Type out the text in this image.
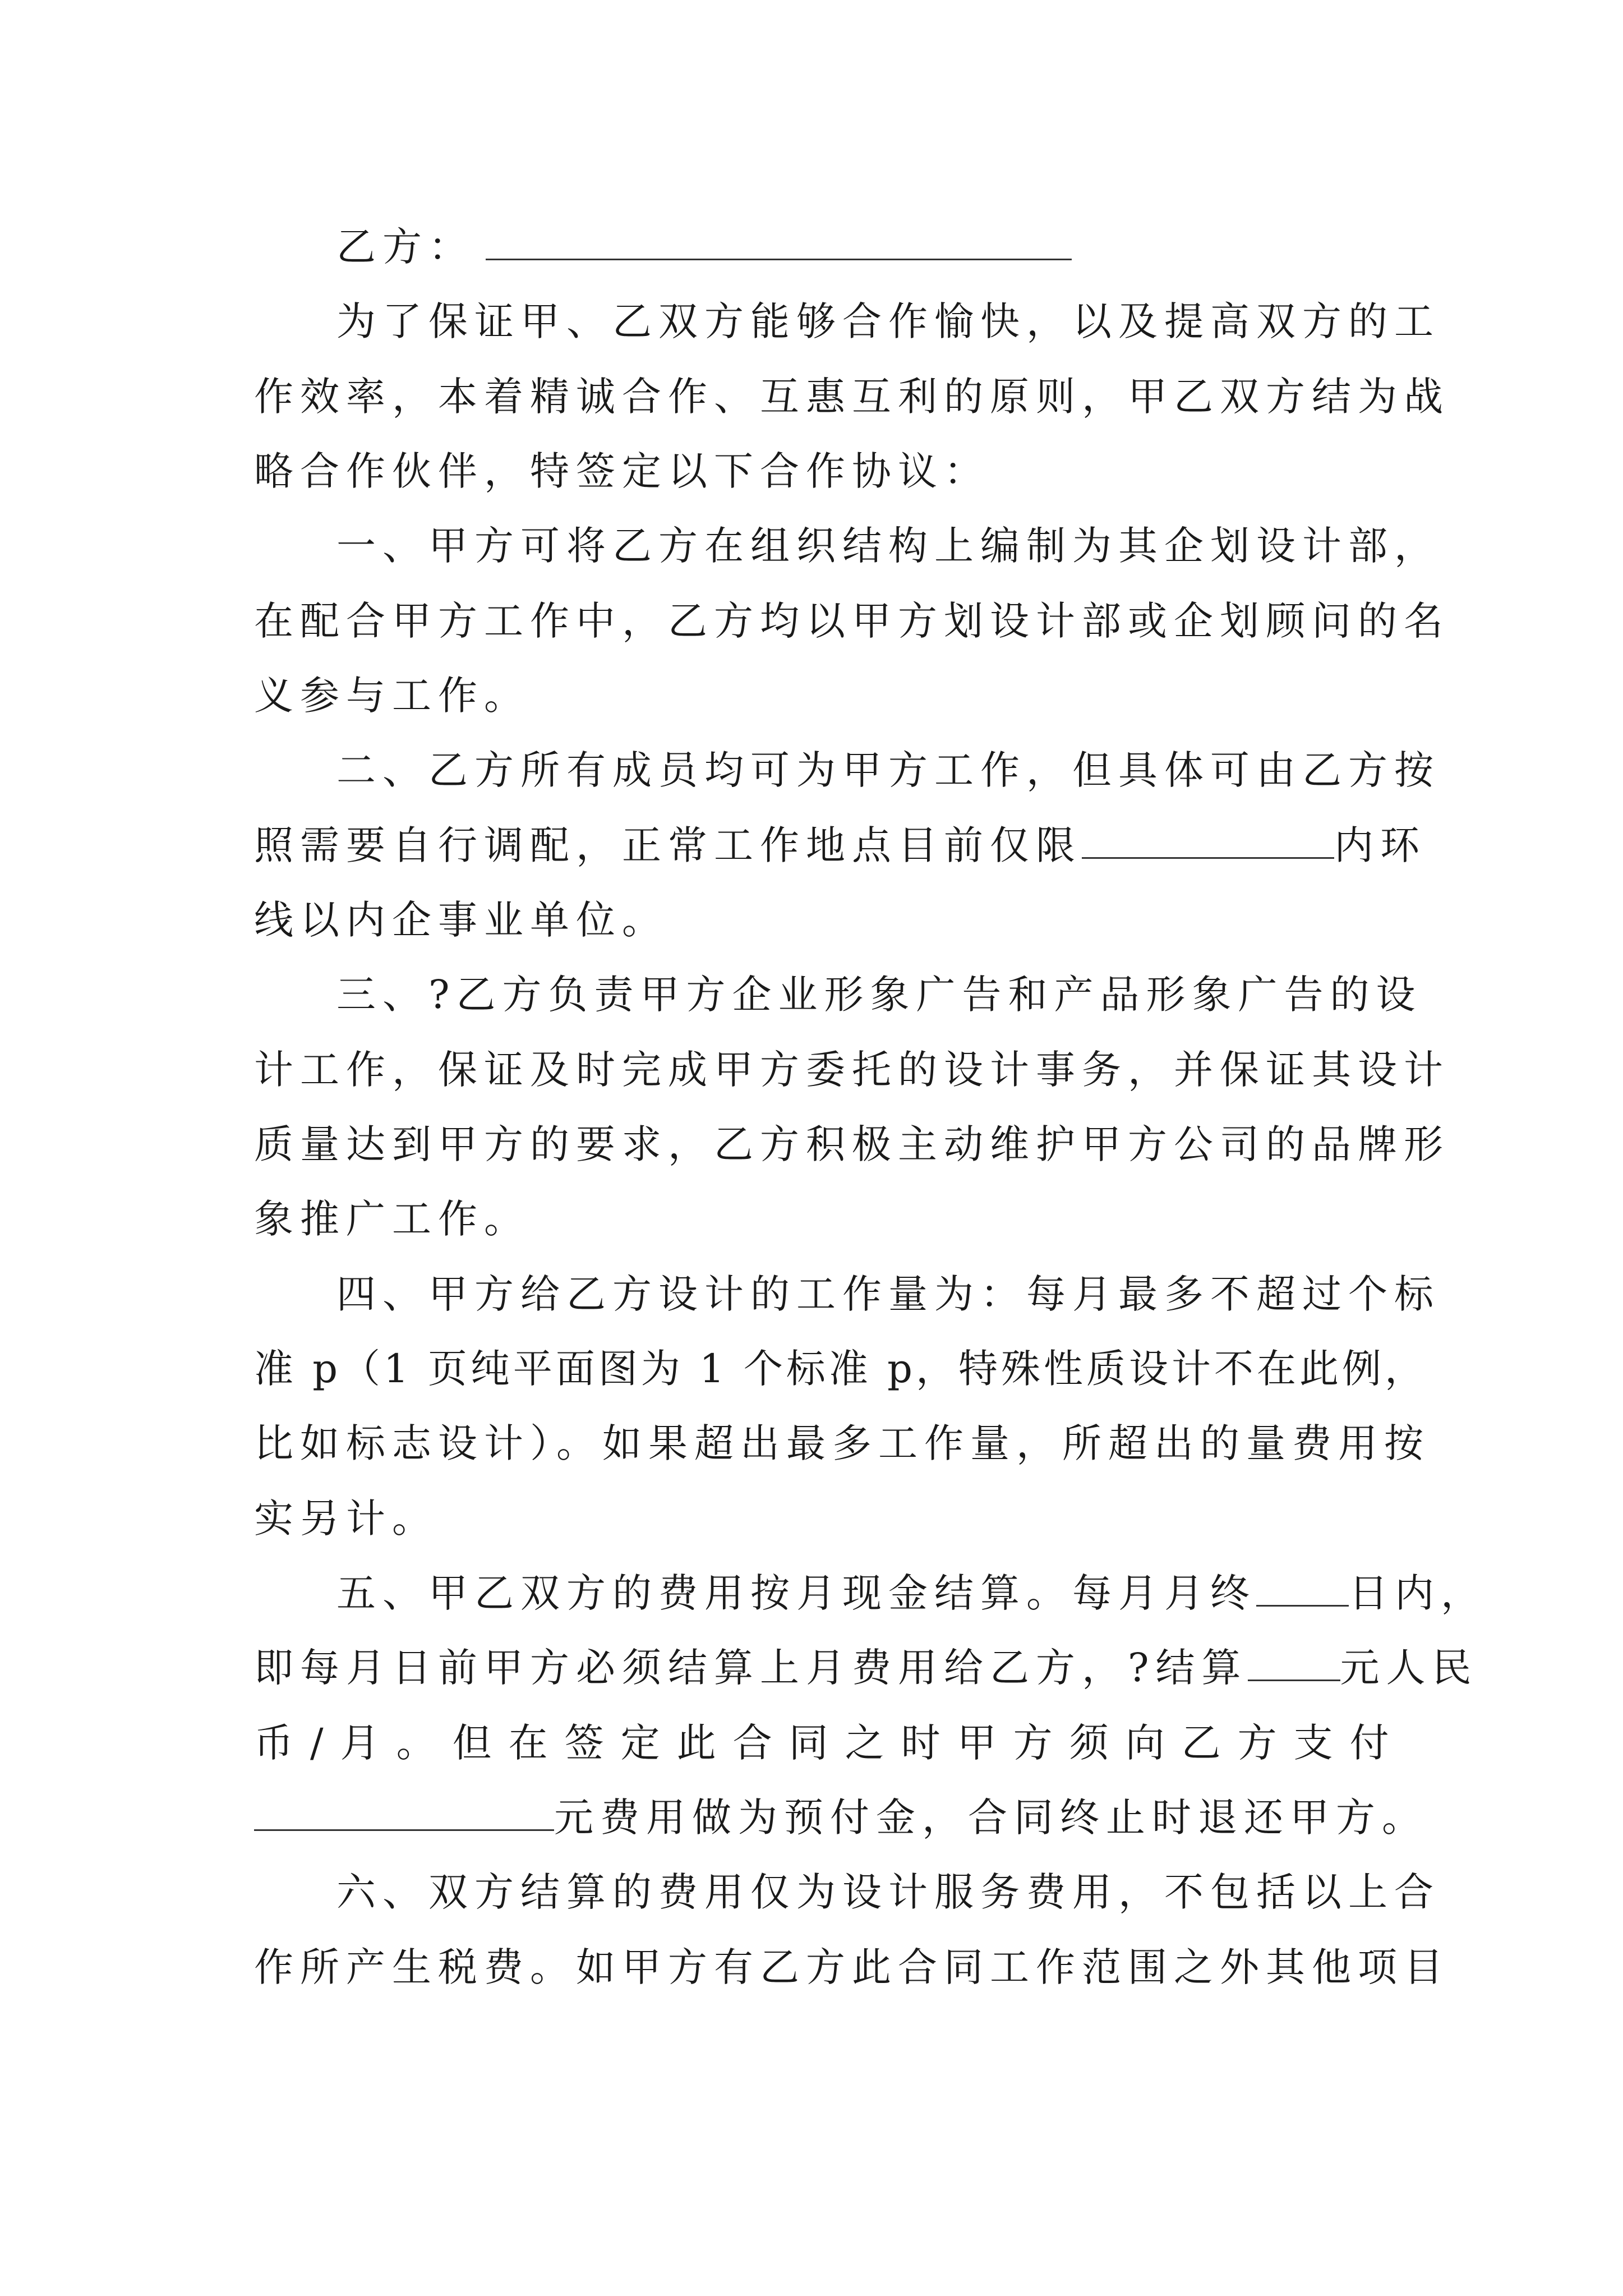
乙方：
为了保证甲、乙双方能够合作愉快，以及提高双方的工
作效率，本着精诚合作、互惠互利的原则，甲乙双方结为战
略合作伙伴，特签定以下合作协议：
一、甲方可将乙方在组织结构上编制为其企划设计部，
在配合甲方工作中，乙方均以甲方划设计部或企划顾问的名
义参与工作。
二、乙方所有成员均可为甲方工作，但具体可由乙方按
照需要自行调配，正常工作地点目前仅限	内环
线以内企事业单位。
三、?乙方负责甲方企业形象广告和产品形象广告的设
计工作，保证及时完成甲方委托的设计事务，并保证其设计
质量达到甲方的要求，乙方积极主动维护甲方公司的品牌形
象推广工作。
四、甲方给乙方设计的工作量为：每月最多不超过个标
准 p（1 页纯平面图为 1 个标准 p，特殊性质设计不在此例，
比如标志设计）。如果超出最多工作量，所超出的量费用按
实另计。
五、甲乙双方的费用按月现金结算。每月月终 日内，
即每月日前甲方必须结算上月费用给乙方，?结算 元人民
币/月。但在签定此合同之时甲方须向乙方支付
元费用做为预付金，合同终止时退还甲方。
六、双方结算的费用仅为设计服务费用，不包括以上合
作所产生税费。如甲方有乙方此合同工作范围之外其他项目
